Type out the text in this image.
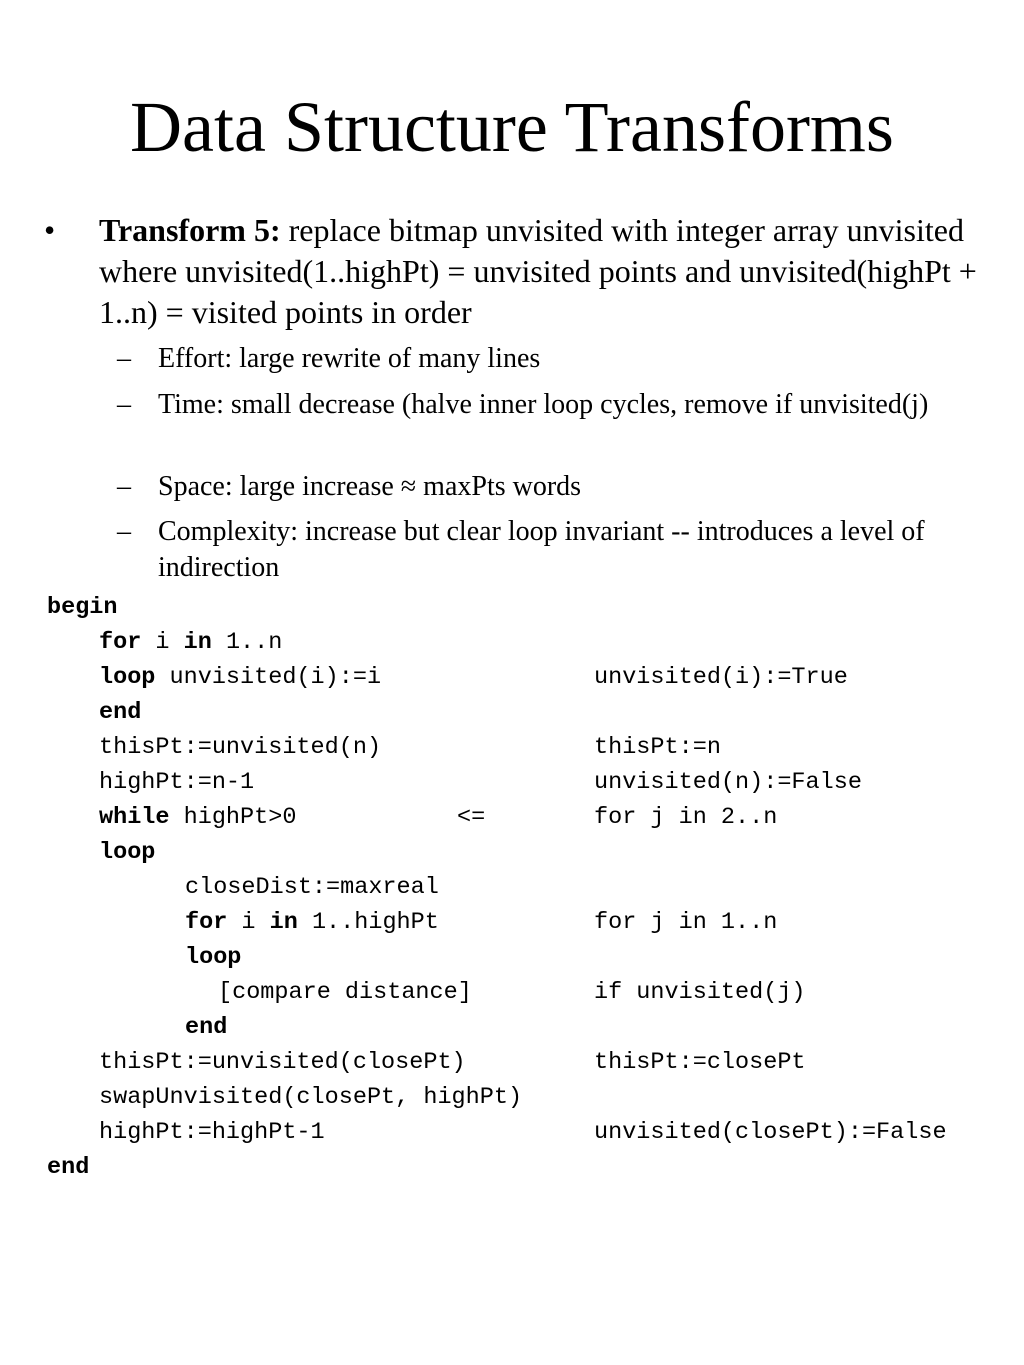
Data Structure Transforms
• Transform 5: replace bitmap unvisited with integer array unvisited where unvisited(1..highPt) = unvisited points and unvisited(highPt + 1..n) = visited points in order
– Effort: large rewrite of many lines
– Time: small decrease (halve inner loop cycles, remove if unvisited(j)
– Space: large increase ≈ maxPts words
– Complexity: increase but clear loop invariant -- introduces a level of indirection
begin
for i in 1..n
loop unvisited(i):=i	unvisited(i):=True
end
thisPt:=unvisited(n)	thisPt:=n
highPt:=n-1	unvisited(n):=False
while highPt>0	<=	for j in 2..n
loop
closeDist:=maxreal
for i in 1..highPt	for j in 1..n
loop
[compare distance]	if unvisited(j)
end
thisPt:=unvisited(closePt)	thisPt:=closePt
swapUnvisited(closePt, highPt)
highPt:=highPt-1	unvisited(closePt):=False
end
